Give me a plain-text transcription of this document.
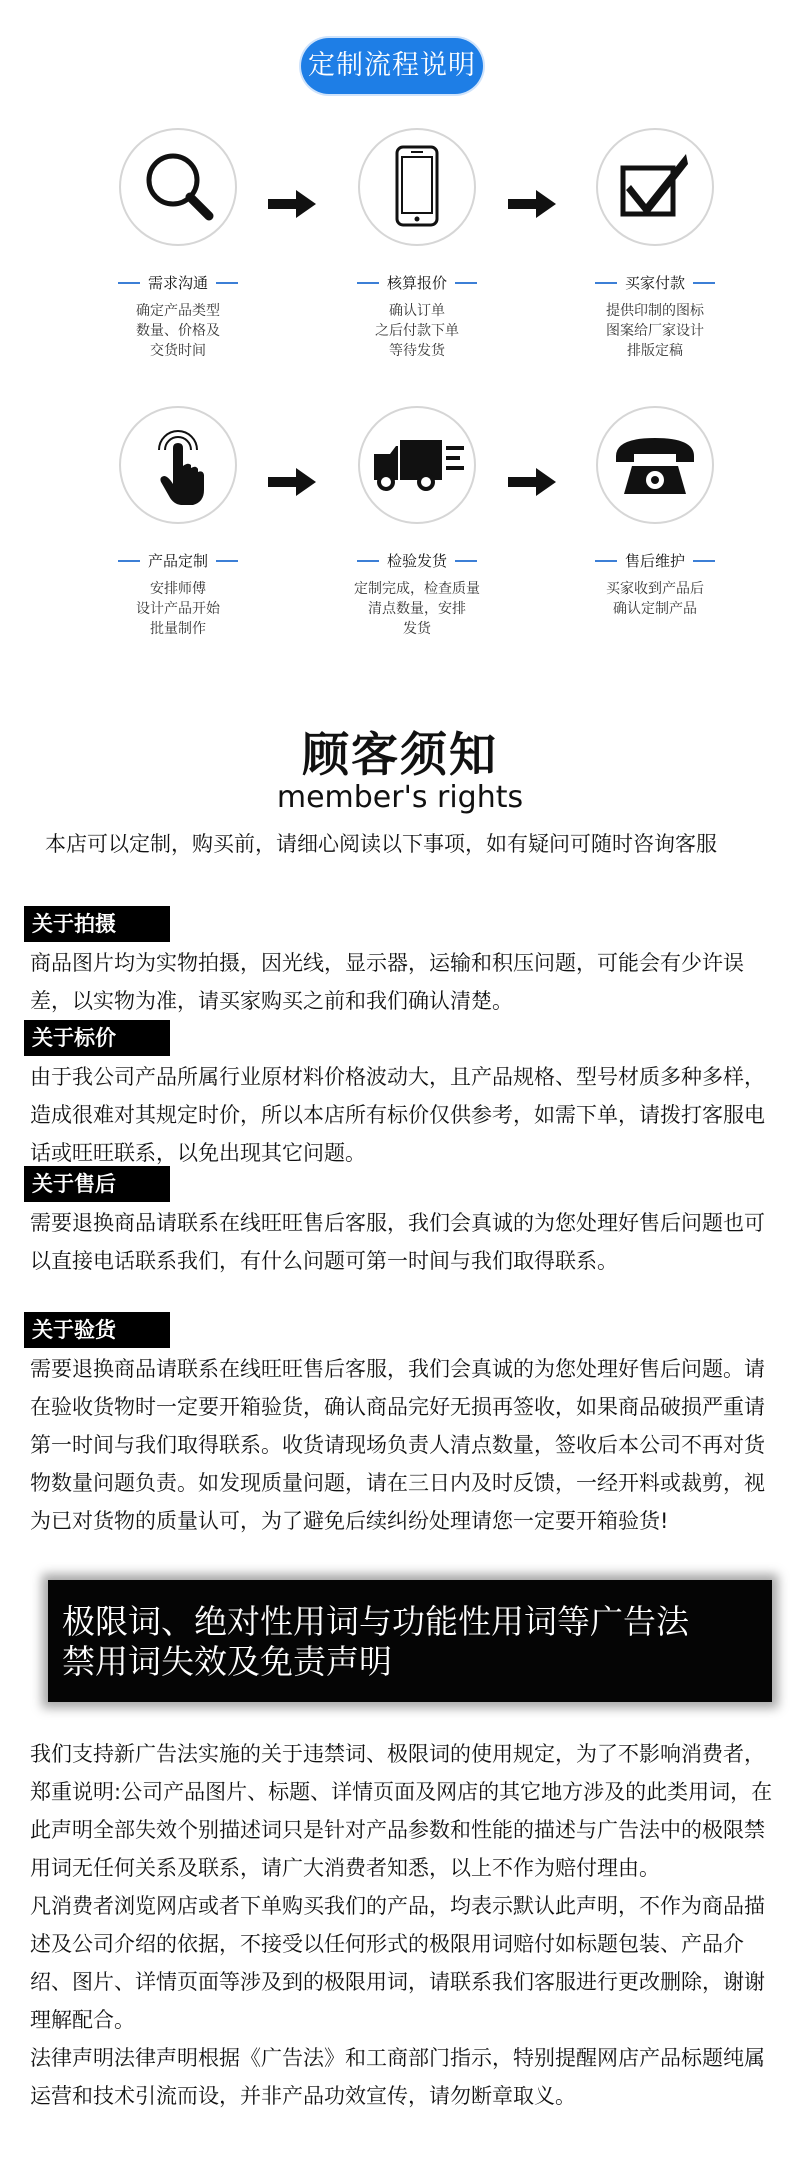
定制流程说明
需求沟通
确定产品类型
数量、价格及
交货时间
核算报价
确认订单
之后付款下单
等待发货
买家付款
提供印制的图标
图案给厂家设计
排版定稿
产品定制
安排师傅
设计产品开始
批量制作
检验发货
定制完成，检查质量
清点数量，安排
发货
售后维护
买家收到产品后
确认定制产品
顾客须知
member's rights
本店可以定制，购买前，请细心阅读以下事项，如有疑问可随时咨询客服
关于拍摄
商品图片均为实物拍摄，因光线，显示器，运输和积压问题，可能会有少许误差，以实物为准，请买家购买之前和我们确认清楚。
关于标价
由于我公司产品所属行业原材料价格波动大，且产品规格、型号材质多种多样，造成很难对其规定时价，所以本店所有标价仅供参考，如需下单，请拨打客服电话或旺旺联系，以免出现其它问题。
关于售后
需要退换商品请联系在线旺旺售后客服，我们会真诚的为您处理好售后问题也可以直接电话联系我们，有什么问题可第一时间与我们取得联系。
关于验货
需要退换商品请联系在线旺旺售后客服，我们会真诚的为您处理好售后问题。请在验收货物时一定要开箱验货，确认商品完好无损再签收，如果商品破损严重请第一时间与我们取得联系。收货请现场负责人清点数量，签收后本公司不再对货物数量问题负责。如发现质量问题，请在三日内及时反馈，一经开料或裁剪，视为已对货物的质量认可，为了避免后续纠纷处理请您一定要开箱验货!
极限词、绝对性用词与功能性用词等广告法
禁用词失效及免责声明

我们支持新广告法实施的关于违禁词、极限词的使用规定，为了不影响消费者，郑重说明:公司产品图片、标题、详情页面及网店的其它地方涉及的此类用词，在此声明全部失效个别描述词只是针对产品参数和性能的描述与广告法中的极限禁用词无任何关系及联系，请广大消费者知悉，以上不作为赔付理由。

凡消费者浏览网店或者下单购买我们的产品，均表示默认此声明，不作为商品描述及公司介绍的依据，不接受以任何形式的极限用词赔付如标题包装、产品介绍、图片、详情页面等涉及到的极限用词，请联系我们客服进行更改删除，谢谢理解配合。

法律声明法律声明根据《广告法》和工商部门指示，特别提醒网店产品标题纯属运营和技术引流而设，并非产品功效宣传，请勿断章取义。
